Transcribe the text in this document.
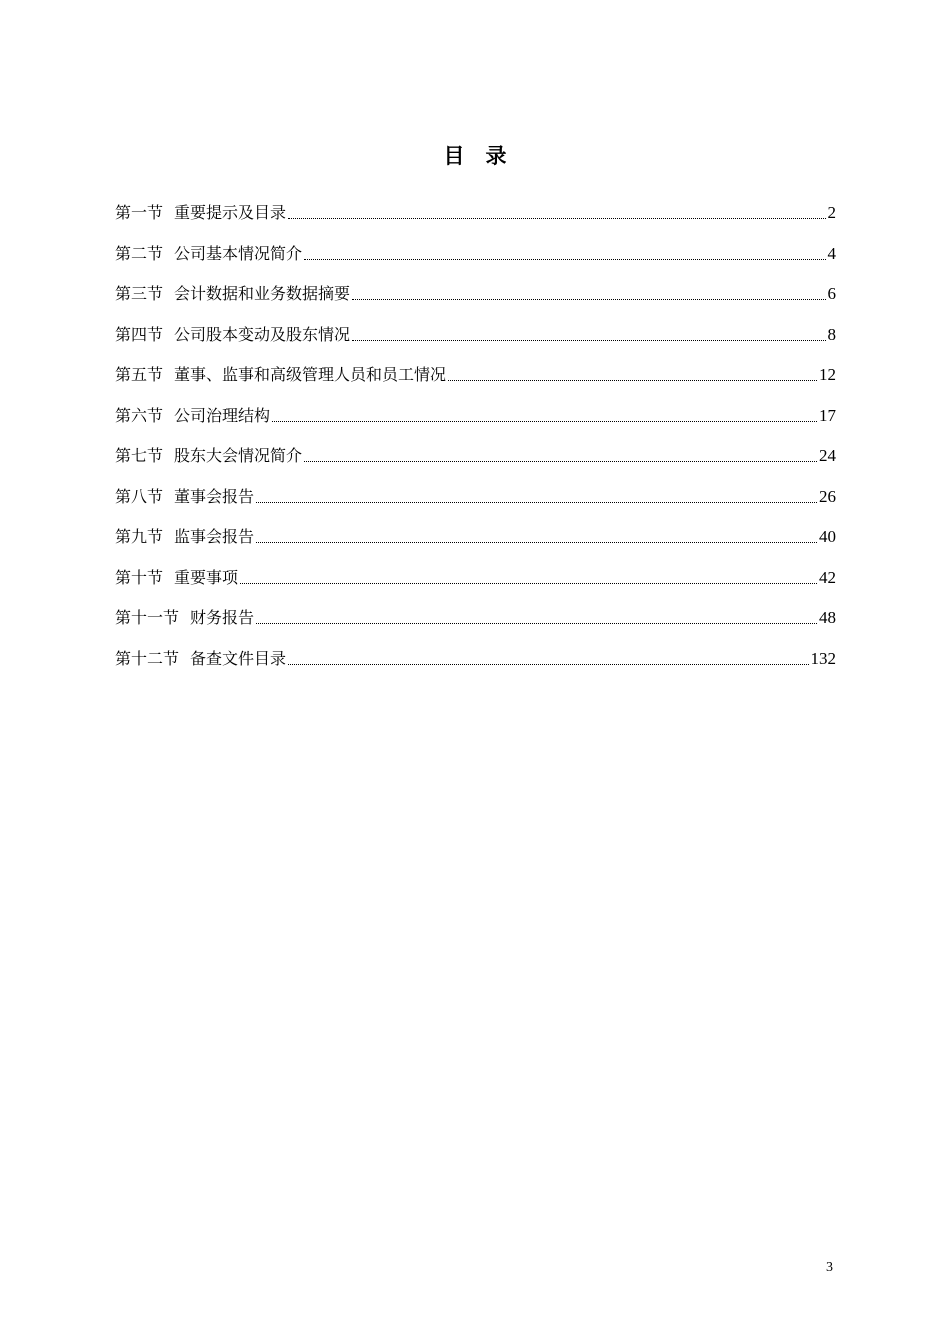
目　录
第一节 重要提示及目录	2
第二节 公司基本情况简介	4
第三节 会计数据和业务数据摘要	6
第四节 公司股本变动及股东情况	8
第五节 董事、监事和高级管理人员和员工情况	12
第六节 公司治理结构	17
第七节 股东大会情况简介	24
第八节 董事会报告	26
第九节 监事会报告	40
第十节 重要事项	42
第十一节 财务报告	48
第十二节 备查文件目录	132
3
